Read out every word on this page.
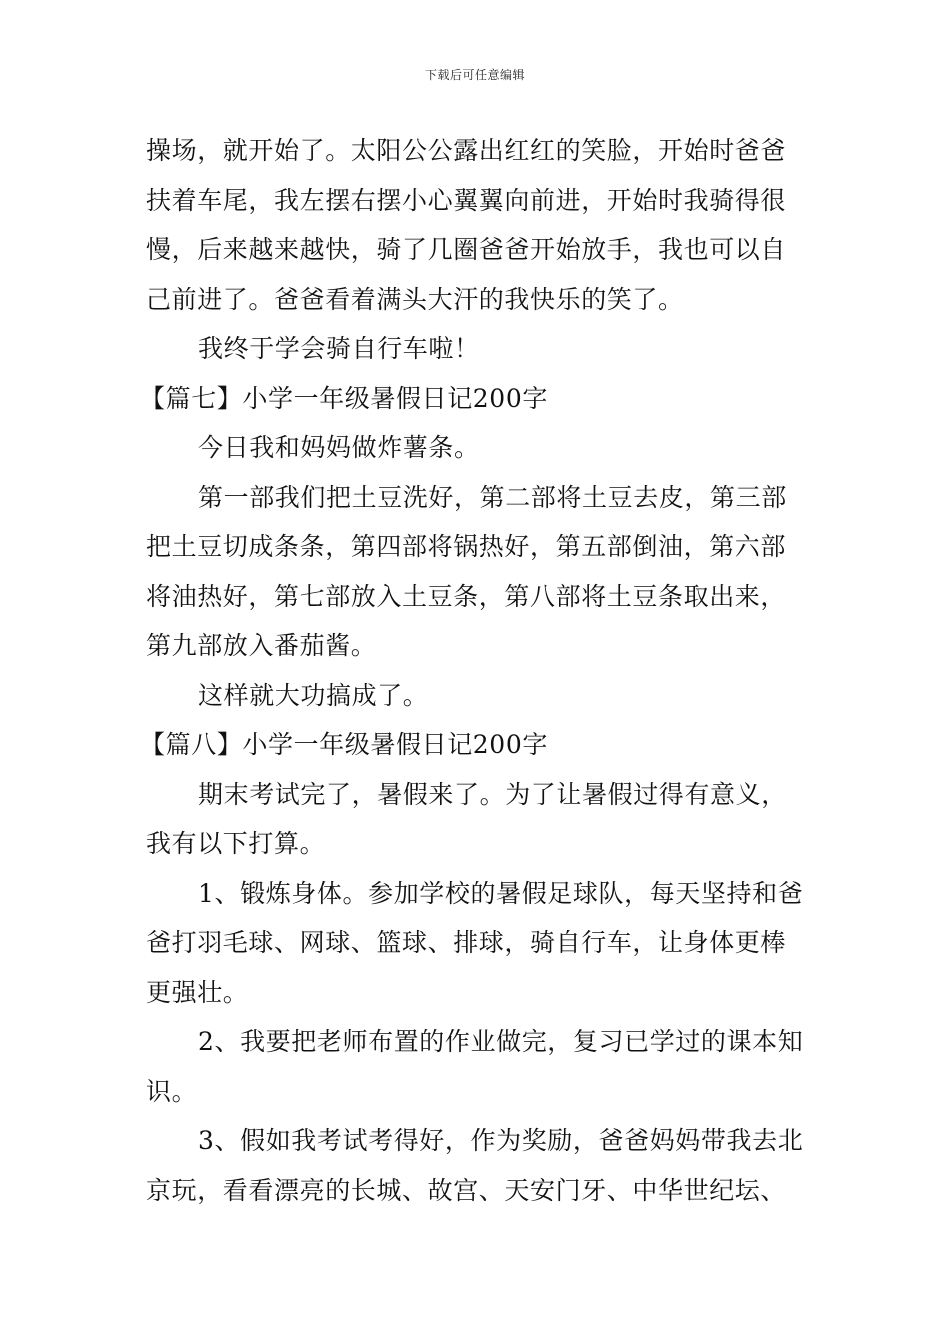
下载后可任意编辑

操场，就开始了。太阳公公露出红红的笑脸，开始时爸爸扶着车尾，我左摆右摆小心翼翼向前进，开始时我骑得很慢，后来越来越快，骑了几圈爸爸开始放手，我也可以自己前进了。爸爸看着满头大汗的我快乐的笑了。

我终于学会骑自行车啦！

【篇七】小学一年级暑假日记200字

今日我和妈妈做炸薯条。

第一部我们把土豆洗好，第二部将土豆去皮，第三部把土豆切成条条，第四部将锅热好，第五部倒油，第六部将油热好，第七部放入土豆条，第八部将土豆条取出来，第九部放入番茄酱。

这样就大功搞成了。

【篇八】小学一年级暑假日记200字

期末考试完了，暑假来了。为了让暑假过得有意义，我有以下打算。

1、锻炼身体。参加学校的暑假足球队，每天坚持和爸爸打羽毛球、网球、篮球、排球，骑自行车，让身体更棒更强壮。

2、我要把老师布置的作业做完，复习已学过的课本知识。

3、假如我考试考得好，作为奖励，爸爸妈妈带我去北京玩，看看漂亮的长城、故宫、天安门牙、中华世纪坛、
